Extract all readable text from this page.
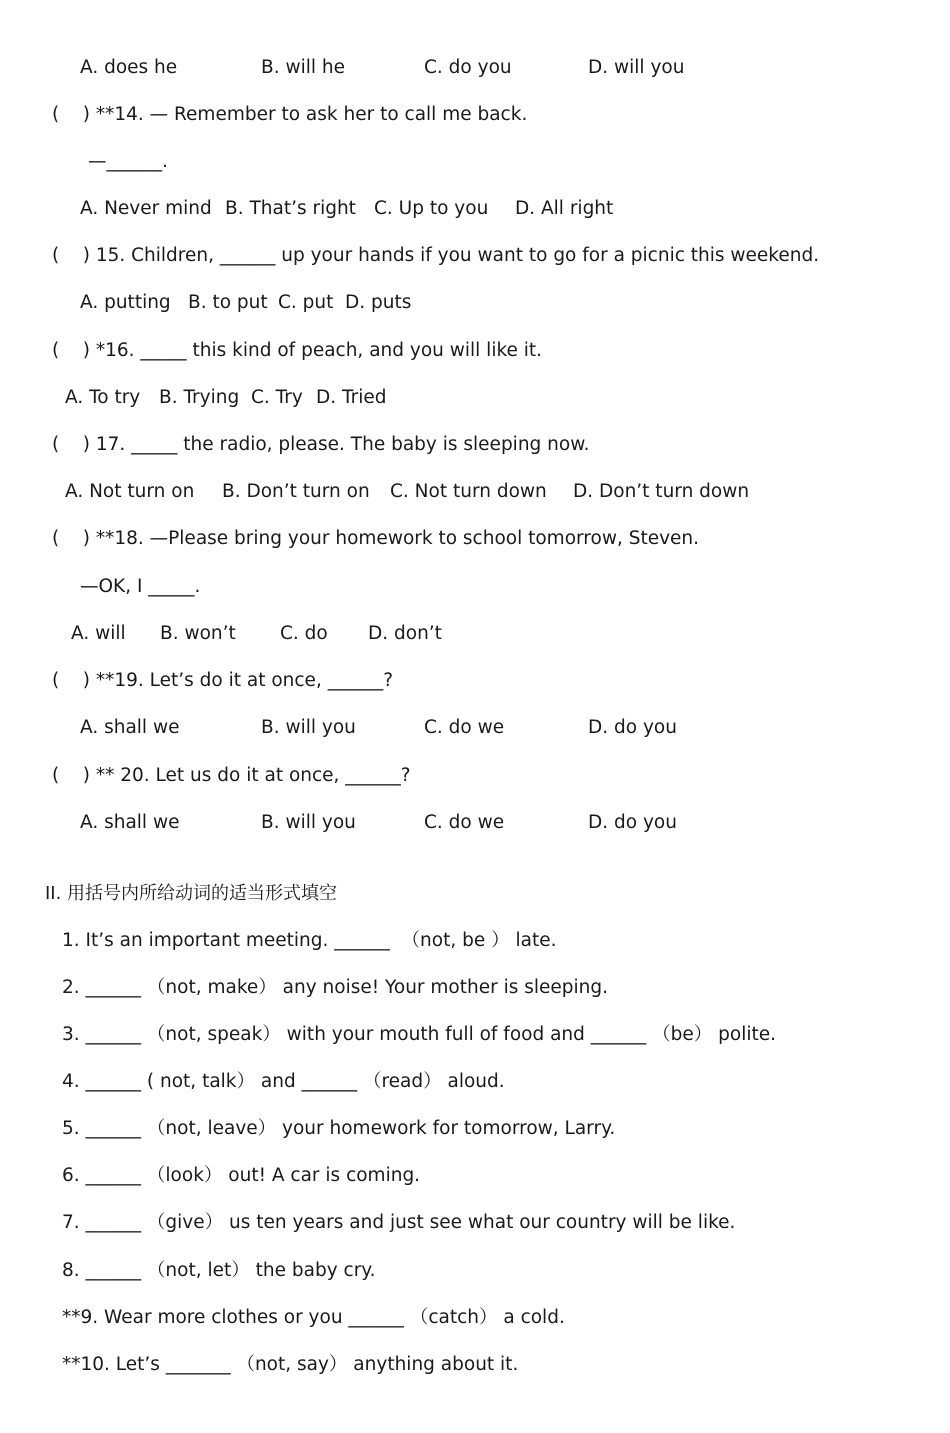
A. does he	B. will he	C. do you	D. will you
(    ) **14. — Remember to ask her to call me back.
—______.
A. Never mind B. That’s right C. Up to you D. All right
(    ) 15. Children, ______ up your hands if you want to go for a picnic this weekend.
A. putting B. to put C. put D. puts
(    ) *16. _____ this kind of peach, and you will like it.
A. To try B. Trying C. Try D. Tried
(    ) 17. _____ the radio, please. The baby is sleeping now.
A. Not turn on B. Don’t turn on C. Not turn down D. Don’t turn down
(    ) **18. —Please bring your homework to school tomorrow, Steven.
—OK, I _____.
A. will B. won’t C. do D. don’t
(    ) **19. Let’s do it at once, ______?
A. shall we	B. will you	C. do we	D. do you
(    ) ** 20. Let us do it at once, ______?
A. shall we	B. will you	C. do we	D. do you
II. 用括号内所给动词的适当形式填空
1. It’s an important meeting. ______  （not, be ） late.
2. ______ （not, make） any noise! Your mother is sleeping.
3. ______ （not, speak） with your mouth full of food and ______ （be） polite.
4. ______ ( not, talk） and ______ （read） aloud.
5. ______ （not, leave） your homework for tomorrow, Larry.
6. ______ （look） out! A car is coming.
7. ______ （give） us ten years and just see what our country will be like.
8. ______ （not, let） the baby cry.
**9. Wear more clothes or you ______ （catch） a cold.
**10. Let’s _______ （not, say） anything about it.
